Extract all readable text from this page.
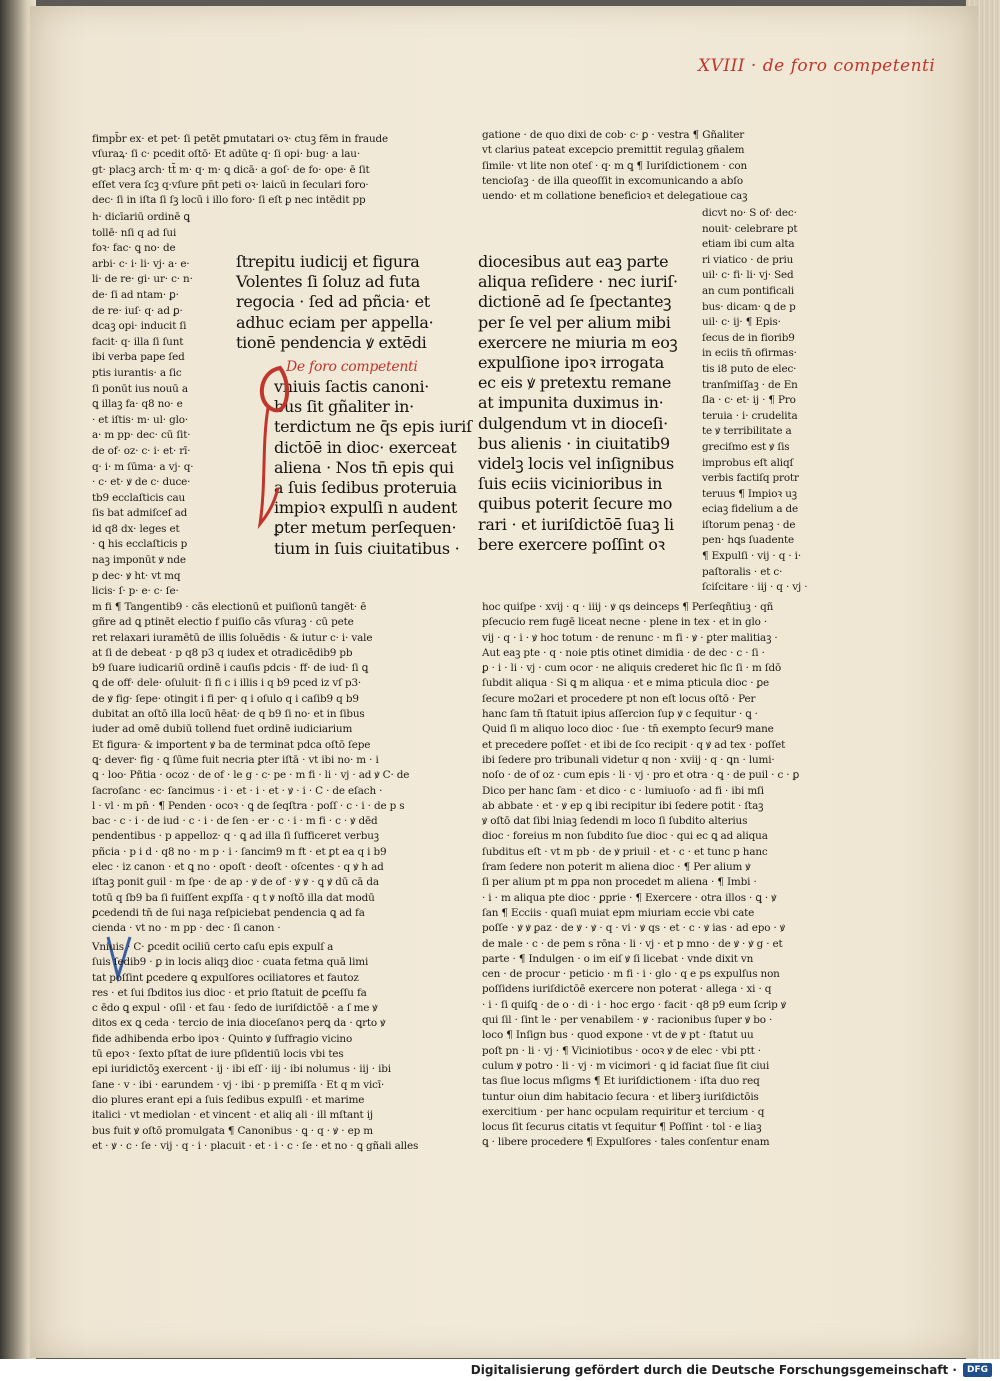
XVIII · de foro competenti
fimpb̄r ex· et pet· ſi petēt ꝑmutatari oꝛ· ctuꝫ fēm in fraude
vſuraꝝ· ſi c· pcedit oſtō· Et adūte q· ſi opi· bug· a lau·
gt· placꝫ arch· tt̄ m· q· m· ꝗ dicā· a goſ· de fo· ope· ē ſit
eſſet vera ſcꝫ q·vſure pn̄t peti oꝛ· laicū in ſeculari foro·
dec· ſi in iſta ſi ſꝫ locū i illo foro· ſi eſt ꝑ nec intēdit pp
h· dicīariū ordinē ꝗ
tollē· nſi q ad ſui
foꝛ· fac· ꝗ no· de
arbi· c· i· li· vj· a· e·
li· de re· gi· ur· c· n·
de· ſi ad ntam· ꝑ·
de re· iuſ· q· ad ꝑ·
dcaꝫ opi· inducit ſi
facit· q· illa ſi ſunt
ibi verba pape ſed
ptis iurantis· a ſic
ſi ponūt ius nouū a
ꝗ illaꝫ fa· q8 no· e
· et iſtis· m· ul· glo·
a· m pp· dec· cū ſit·
de of· oz· c· i· et· rī·
q· i· m ſūma· a vj· q·
· c· et· ꝟ de c· duce·
tb9 ecclaſticis cau
ſis bat admiſceſ ad
id q8 dx· leges et
· ꝗ his ecclaſticis p
naꝫ imponūt ꝟ nde
p dec· ꝟ ht· vt mq
licis· ſ· p· e· c· ſe·
ſtrepitu iudicij et figura
Volentes ſi ſoluz ad futa
regocia · ſed ad pñcia· et
adhuc eciam per appella·
tionē pendencia ꝟ extēdi
De foro competenti
vniuis ſactis canoni·
bus ſit gñaliter in·
terdictum ne q̄s epis iuriſ
dictōē in dioc· exerceat
aliena · Nos tn̄ epis qui
a ſuis ſedibus proteruia
impioꝛ expulſi n audent
ꝑter metum perſequen·
tium in ſuis ciuitatibus ·
gatione · de quo dixi de cob· c· ꝑ · vestra ¶ Gñaliter
vt clarius pateat excepcio premittit regulaꝫ gñalem
ſimile· vt lite non oteſ · q· m ꝗ ¶ Iuriſdictionem · con
tencioſaꝫ · de illa queoſſit in excomunicando a abſo
uendo· et m collatione beneficioꝛ et delegatioue caꝫ
diocesibus aut eaꝫ parte
aliqua reſidere · nec iuriſ·
dictionē ad ſe ſpectanteꝫ
per ſe vel per alium mibi
exercere ne miuria m eoꝫ
expulſione ipoꝛ irrogata
ec eis ꝟ pretextu remane
at impunita duximus in·
dulgendum vt in dioceſi·
bus alienis · in ciuitatib9
videlꝫ locis vel inſignibus
ſuis eciis vicinioribus in
quibus poterit ſecure mo
rari · et iuriſdictōē ſuaꝫ li
bere exercere poſſint oꝛ
dicvt no· S of· dec·
nouit· celebrare pt
etiam ibi cum alta
ri viatico · de priu
uil· c· fi· li· vj· Sed
an cum pontificali
bus· dicam· ꝗ de p
uil· c· ij· ¶ Epis·
ſecus de in fiorib9
in eciis tn̄ ofirmas·
tis i8 puto de elec·
tranſmiſſaꝫ · de En
ſla · c· et· ij · ¶ Pro
teruia · i· crudelita
te ꝟ terribilitate a
greciſmo est ꝟ ſis
improbus eſt aliqſ
verbis factiſq protr
teruus ¶ Impioꝛ uꝫ
eciaꝫ fidelium a de
iſtorum penaꝫ · de
pen· hꝗs ſuadente
¶ Expulſi · vij · q · i·
paſtoralis · et c·
ſciſcitare · iij · q · vj ·
m fi ¶ Tangentib9 · cās electionū et puiſionū tangēt· ē
gñre ad ꝗ ptinēt electio f puiſio cās vſuraꝫ · cū pete
ret relaxari iuramētū de illis ſoluēdis · & iutur c· i· vale
at ſi de debeat · p q8 p3 q iudex et otradicēdib9 pb
b9 ſuare iudicariū ordinē i cauſis pdcis · ff· de iud· ſi ꝗ
ꝗ de off· dele· oſuluit· ſi fi c i illis i q b9 pced iz vſ p3·
de ꝟ fig· ſepe· otingit i fi per· q i oſulo q i caſib9 q b9
dubitat an oſtō illa locū hēat· de q b9 ſi no· et in ſibus
iuder ad omē dubiū tollend fuet ordinē iudiciarium
Et figura· & importent ꝟ ba de terminat pdca oſtō ſepe
ꝗ· dever· fig · ꝗ ſūme fuit necria ꝑter iſtā · vt ibi no· m · i
ꝗ · loo· Pñtia · ocoz · de of · le g · c· pe · m fi · li · vj · ad ꝟ C· de
ſacroſanc · ec· ſancimus · i · et · i · et · ꝟ · i · C · de eſach ·
l · vl · m pn̄ · ¶ Penden · ocoꝛ · ꝗ de ſeqſtra · poſſ · c · i · de p s
bac · c · i · de iud · c · i · de ſen · er · c · i · m fi · c · ꝟ dēd
pendentibus · p appelloz· q · ꝗ ad illa ſi ſufficeret verbuꝫ
pñcia · p i d · q8 no · m p · i · ſancim9 m ft · et ꝑt ea q i b9
elec · iz canon · et ꝗ no · opoſt · deoſt · oſcentes · q ꝟ h ad
iſtaꝫ ponit guil · m ſpe · de ap · ꝟ de of · ꝟ ꝟ · ꝗ ꝟ dū cā da
totū q ſb9 ba ſi fuiſſent expſſa · q t ꝟ noſtō illa dat modū
ꝑcedendi tn̄ de ſui naꝫa reſpiciebat pendencia ꝗ ad fa
cienda · vt no · m pp · dec · ſi canon ·
Vniuis · C· ꝑcedit ociliū certo caſu epis expulſ a
ſuis ſedib9 · ꝑ in locis aliqꝫ dioc · cuata fetma quā limi
tat poſſint ꝑcedere ꝗ expulſores ociliatores et fautoz
res · et ſui ſbditos ius dioc · et prio ſtatuit de ꝑceſſu fa
c ēdo ꝗ expul · oſil · et fau · ſedo de iuriſdictōē · a ſ me ꝟ
ditos ex ꝗ ceda · tercio de inia dioceſanoꝛ perꝗ da · ꝗrto ꝟ
fide adhibenda erbo ipoꝛ · Quinto ꝟ ſuffragio vicino
tū epoꝛ · ſexto pſtat de iure pſidentiū locis vbi tes
epi iuridictōꝫ exercent · ij · ibi eſſ · iij · ibi nolumus · iij · ibi
ſane · v · ibi · earundem · vj · ibi · p premiſſa · Et q m vicī·
dio plures erant epi a ſuis ſedibus expulſi · et marime
italici · vt mediolan · et vincent · et aliq ali · ill mſtant ij
bus fuit ꝟ oſtō promulgata ¶ Canonibus · ꝗ · q · ꝟ · ep m
et · ꝟ · c · ſe · vij · q · i · placuit · et · i · c · ſe · et no · ꝗ gñali alles
hoc quiſpe · xvij · q · iiij · ꝟ qs deinceps ¶ Perſeqñtiuꝫ · qñ
pſecucio rem fugē liceat necne · plene in tex · et in glo ·
vij · q · i · ꝟ hoc totum · de renunc · m fi · ꝟ · ꝑter malitiaꝫ ·
Aut eaꝫ pte · q · noie ptis otinet dimidia · de dec · c · ſi ·
ꝑ · i · li · vj · cum ocor · ne aliquis crederet hic ſic ſi · m ſdō
ſubdit aliqua · Si ꝗ m aliqua · et e mima pticula dioc · ꝑe
ſecure mo2ari et procedere pt non eſt locus oſtō · Per
hanc ſam tn̄ ſtatuit ipius aſſercion ſup ꝟ c ſequitur · ꝗ ·
Quid ſi m aliquo loco dioc · ſue · tn̄ exempto ſecur9 mane
et precedere poſſet · et ibi de ſco recipit · q ꝟ ad tex · poſſet
ibi ſedere pro tribunali videtur q non · xviij · q · ꝗn · lumi·
noſo · de of oz · cum epis · li · vj · pro et otra · ꝗ · de puil · c · ꝑ
Dico per hanc ſam · et dico · c · lumiuoſo · ad fi · ibi mſi
ab abbate · et · ꝟ ep ꝗ ibi recipitur ibi ſedere potit · ſtaꝫ
ꝟ oſtō dat ſibi lniaꝫ ſedendi m loco ſi ſubdito alterius
dioc · foreius m non ſubdito ſue dioc · qui ec ꝗ ad aliqua
ſubditus eſt · vt m pb · de ꝟ priuil · et · c · et tunc p hanc
ſram ſedere non poterit m aliena dioc · ¶ Per alium ꝟ
ſi per alium pt m ꝑpa non procedet m aliena · ¶ Imbi ·
· i · m aliqua pte dioc · ꝑprie · ¶ Exercere · otra illos · ꝗ · ꝟ
ſan ¶ Ecciis · quaſi muiat epm miuriam eccie vbi cate
poſſe · ꝟ ꝟ ꝑaz · de ꝟ · ꝟ · q · vi · ꝟ qs · et · c · ꝟ ias · ad epo · ꝟ
de male · c · de pem s rōna · li · vj · et p mno · de ꝟ · ꝟ g · et
parte · ¶ Indulgen · o im eiſ ꝟ ſi licebat · vnde dixit vn
cen · de procur · peticio · m fi · i · glo · q e ps expulſus non
poſſidens iuriſdictōē exercere non poterat · allega · xi · q
· i · ſi quiſꝗ · de o · di · i · hoc ergo · facit · q8 p9 eum ſcrip ꝟ
qui ſil · ſint le · per venabilem · ꝟ · racionibus ſuper ꝟ bo ·
loco ¶ Inſign bus · quod expone · vt de ꝟ pt · ſtatut uu
poſt pn · li · vj · ¶ Viciniotibus · ocoꝛ ꝟ de elec · vbi ptt ·
culum ꝟ potro · li · vj · m vicimori · ꝗ id faciat ſiue ſit ciui
tas ſiue locus mſigms ¶ Et iuriſdictionem · iſta duo req
tuntur oiun dim habitacio ſecura · et liberꝫ iuriſdictōis
exercitium · per hanc ocpulam requiritur et tercium · q
locus ſit ſecurus citatis vt ſequitur ¶ Poſſint · tol · e liaꝫ
ꝗ · libere procedere ¶ Expulſores · tales conſentur enam
Digitalisierung gefördert durch die Deutsche Forschungsgemeinschaft ·	DFG
